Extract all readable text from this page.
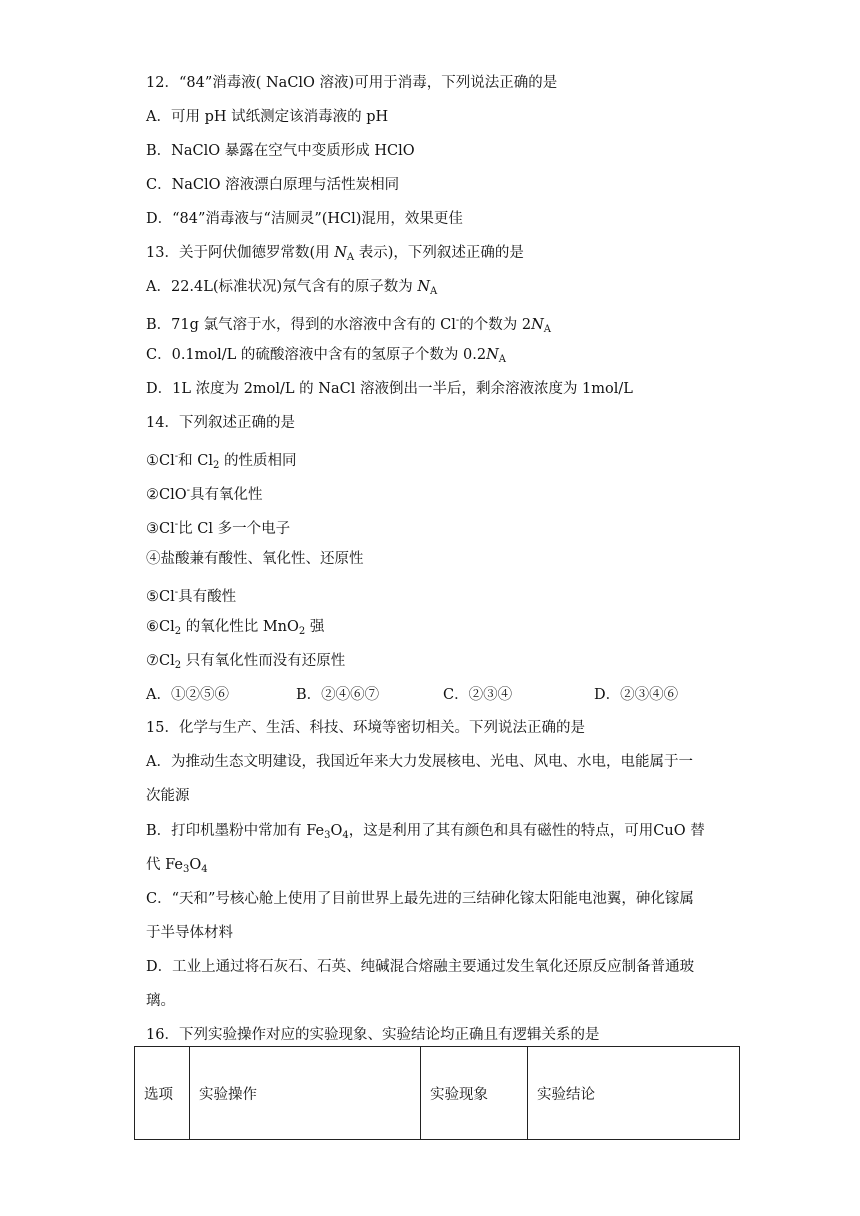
12．“84”消毒液( NaClO 溶液)可用于消毒，下列说法正确的是
A．可用 pH 试纸测定该消毒液的 pH
B．NaClO 暴露在空气中变质形成 HClO
C．NaClO 溶液漂白原理与活性炭相同
D．“84”消毒液与“洁厕灵”(HCl)混用，效果更佳
13．关于阿伏伽德罗常数(用 $N_A$ 表示)，下列叙述正确的是
A．22.4L(标准状况)氖气含有的原子数为 $N_A$
B．71g 氯气溶于水，得到的水溶液中含有的 Cl-的个数为 $2N_A$
C．0.1mol/L 的硫酸溶液中含有的氢原子个数为 $0.2N_A$
D．1L 浓度为 2mol/L 的 NaCl 溶液倒出一半后，剩余溶液浓度为 1mol/L
14．下列叙述正确的是
①Cl-和 $Cl_2$ 的性质相同
②ClO-具有氧化性
③Cl-比 Cl 多一个电子
④盐酸兼有酸性、氧化性、还原性
⑤Cl-具有酸性
$⑥Cl_2$ 的氧化性比 MnO$_2$ 强
$⑦Cl_2$ 只有氧化性而没有还原性
A．①②⑤⑥	B．②④⑥⑦	C．②③④	D．②③④⑥
15．化学与生产、生活、科技、环境等密切相关。下列说法正确的是
A．为推动生态文明建设，我国近年来大力发展核电、光电、风电、水电，电能属于一
次能源
B．打印机墨粉中常加有 $Fe_3O_4$，这是利用了其有颜色和具有磁性的特点，可用CuO 替
代 $Fe_3O_4$
C．“天和”号核心舱上使用了目前世界上最先进的三结砷化镓太阳能电池翼，砷化镓属
于半导体材料
D．工业上通过将石灰石、石英、纯碱混合熔融主要通过发生氧化还原反应制备普通玻
璃。
16．下列实验操作对应的实验现象、实验结论均正确且有逻辑关系的是
选项	实验操作	实验现象	实验结论
